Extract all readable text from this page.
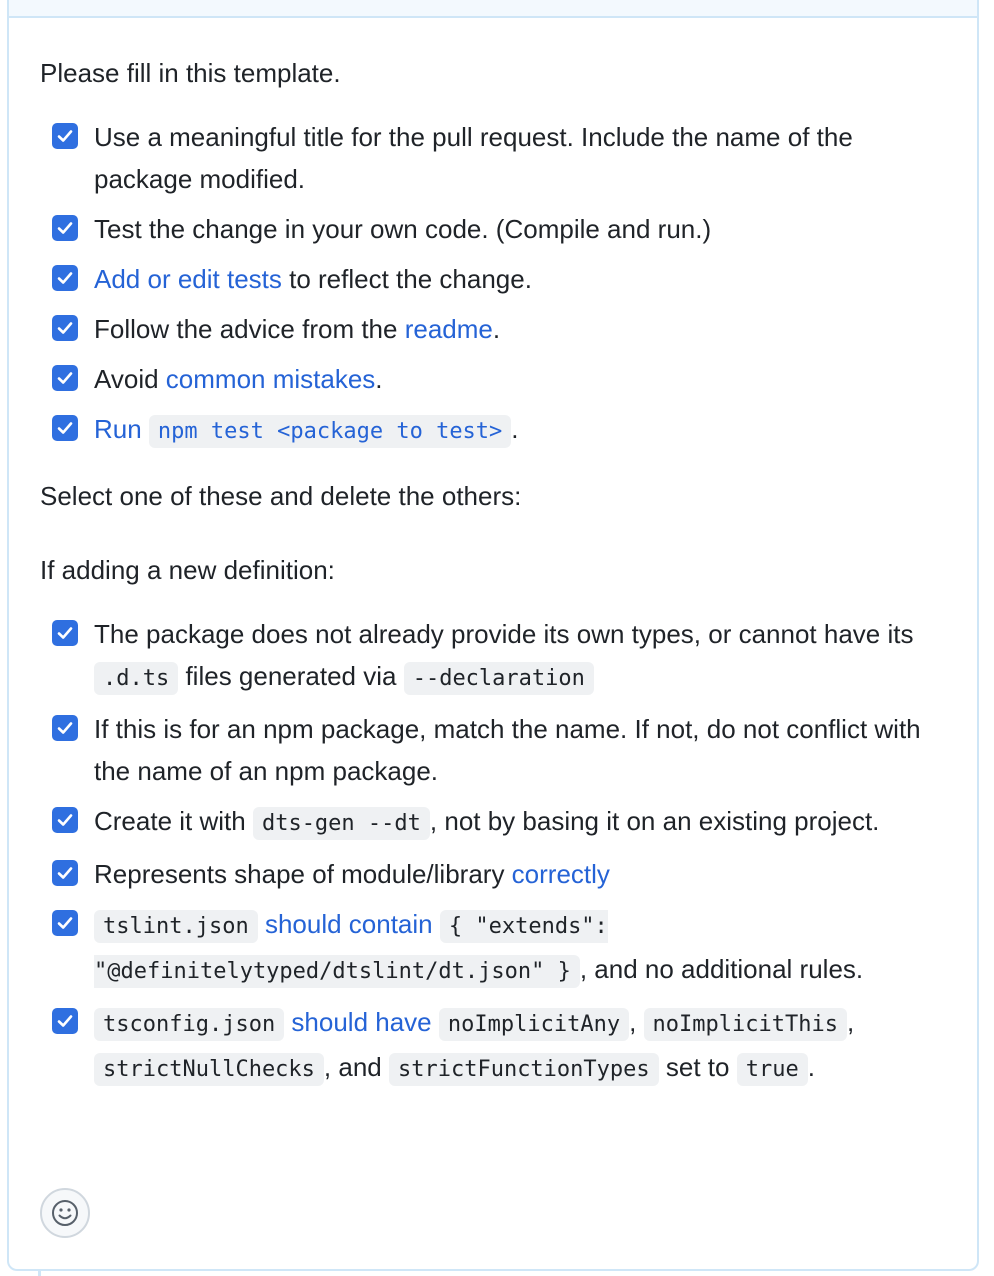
Please fill in this template.

Use a meaningful title for the pull request. Include the name of the package modified.
Test the change in your own code. (Compile and run.)
Add or edit tests to reflect the change.
Follow the advice from the readme.
Avoid common mistakes.
Run npm test <package to test> .

Select one of these and delete the others:

If adding a new definition:

The package does not already provide its own types, or cannot have its .d.ts files generated via --declaration
If this is for an npm package, match the name. If not, do not conflict with the name of an npm package.
Create it with dts-gen --dt , not by basing it on an existing project.
Represents shape of module/library correctly
tslint.json should contain { "extends": "@definitelytyped/dtslint/dt.json" } , and no additional rules.
tsconfig.json should have noImplicitAny , noImplicitThis , strictNullChecks , and strictFunctionTypes set to true .
